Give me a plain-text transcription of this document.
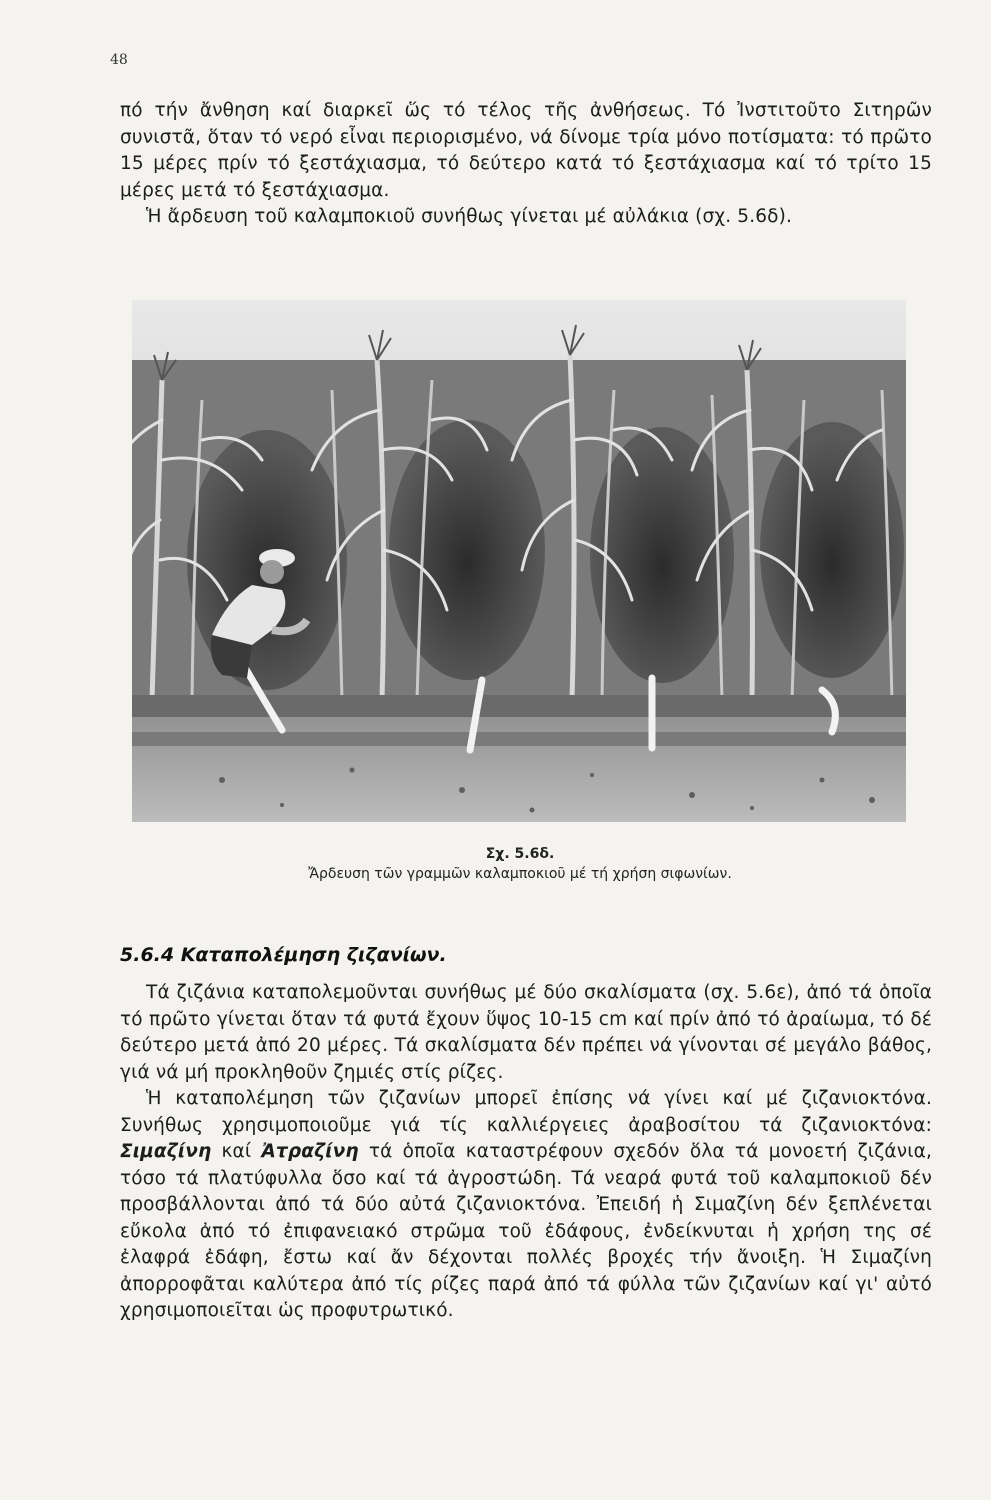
48

πό τήν ἄνθηση καί διαρκεῖ ὥς τό τέλος τῆς ἀνθήσεως. Τό Ἰνστιτοῦτο Σιτηρῶν συνιστᾶ, ὅταν τό νερό εἶναι περιορισμένο, νά δίνομε τρία μόνο ποτίσματα: τό πρῶτο 15 μέρες πρίν τό ξεστάχιασμα, τό δεύτερο κατά τό ξεστάχιασμα καί τό τρίτο 15 μέρες μετά τό ξεστάχιασμα.

Ἡ ἄρδευση τοῦ καλαμποκιοῦ συνήθως γίνεται μέ αὐλάκια (σχ. 5.6δ).

Σχ. 5.6δ.
Ἄρδευση τῶν γραμμῶν καλαμποκιοῦ μέ τή χρήση σιφωνίων.
5.6.4 Καταπολέμηση ζιζανίων.

Τά ζιζάνια καταπολεμοῦνται συνήθως μέ δύο σκαλίσματα (σχ. 5.6ε), ἀπό τά ὁποῖα τό πρῶτο γίνεται ὅταν τά φυτά ἔχουν ὕψος 10-15 cm καί πρίν ἀπό τό ἀραίωμα, τό δέ δεύτερο μετά ἀπό 20 μέρες. Τά σκαλίσματα δέν πρέπει νά γίνονται σέ μεγάλο βάθος, γιά νά μή προκληθοῦν ζημιές στίς ρίζες.

Ἡ καταπολέμηση τῶν ζιζανίων μπορεῖ ἐπίσης νά γίνει καί μέ ζιζανιοκτόνα. Συνήθως χρησιμοποιοῦμε γιά τίς καλλιέργειες ἀραβοσίτου τά ζιζανιοκτόνα: Σιμαζίνη καί Ἀτραζίνη τά ὁποῖα καταστρέφουν σχεδόν ὅλα τά μονοετή ζιζάνια, τόσο τά πλατύφυλλα ὅσο καί τά ἀγροστώδη. Τά νεαρά φυτά τοῦ καλαμποκιοῦ δέν προσβάλλονται ἀπό τά δύο αὐτά ζιζανιοκτόνα. Ἐπειδή ἡ Σιμαζίνη δέν ξεπλένεται εὔκολα ἀπό τό ἐπιφανειακό στρῶμα τοῦ ἐδάφους, ἐνδείκνυται ἡ χρήση της σέ ἐλαφρά ἐδάφη, ἔστω καί ἄν δέχονται πολλές βροχές τήν ἄνοιξη. Ἡ Σιμαζίνη ἀπορροφᾶται καλύτερα ἀπό τίς ρίζες παρά ἀπό τά φύλλα τῶν ζιζανίων καί γι' αὐτό χρησιμοποιεῖται ὡς προφυτρωτικό.
